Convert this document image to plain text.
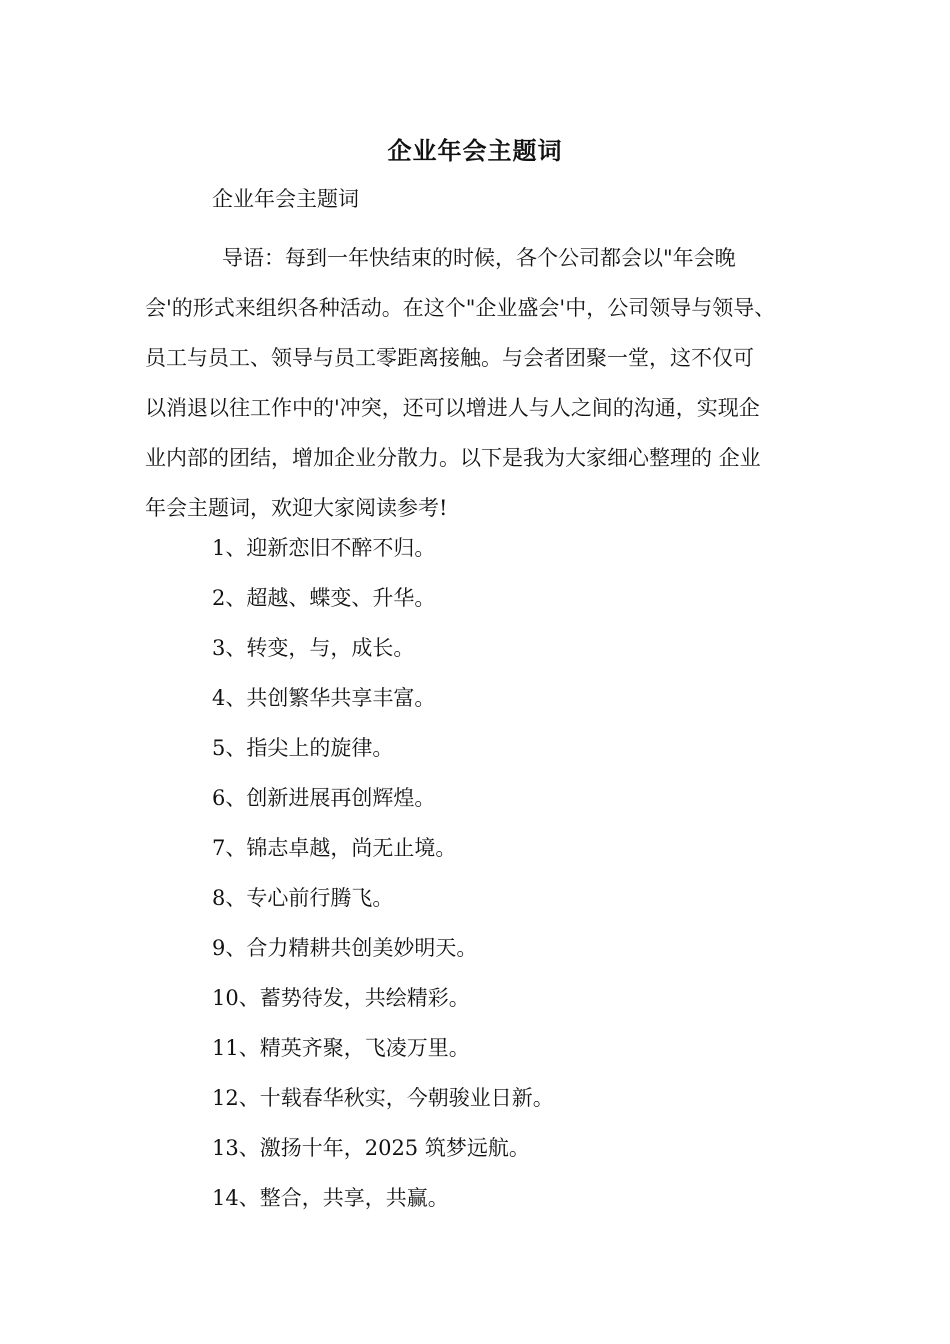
企业年会主题词
企业年会主题词
导语：每到一年快结束的时候，各个公司都会以"年会晚
会'的形式来组织各种活动。在这个"企业盛会'中，公司领导与领导、
员工与员工、领导与员工零距离接触。与会者团聚一堂，这不仅可
以消退以往工作中的'冲突，还可以增进人与人之间的沟通，实现企
业内部的团结，增加企业分散力。以下是我为大家细心整理的 企业
年会主题词，欢迎大家阅读参考!
1、迎新恋旧不醉不归。
2、超越、蝶变、升华。
3、转变，与，成长。
4、共创繁华共享丰富。
5、指尖上的旋律。
6、创新进展再创辉煌。
7、锦志卓越，尚无止境。
8、专心前行腾飞。
9、合力精耕共创美妙明天。
10、蓄势待发，共绘精彩。
11、精英齐聚，飞凌万里。
12、十载春华秋实，今朝骏业日新。
13、激扬十年，2025 筑梦远航。
14、整合，共享，共赢。
